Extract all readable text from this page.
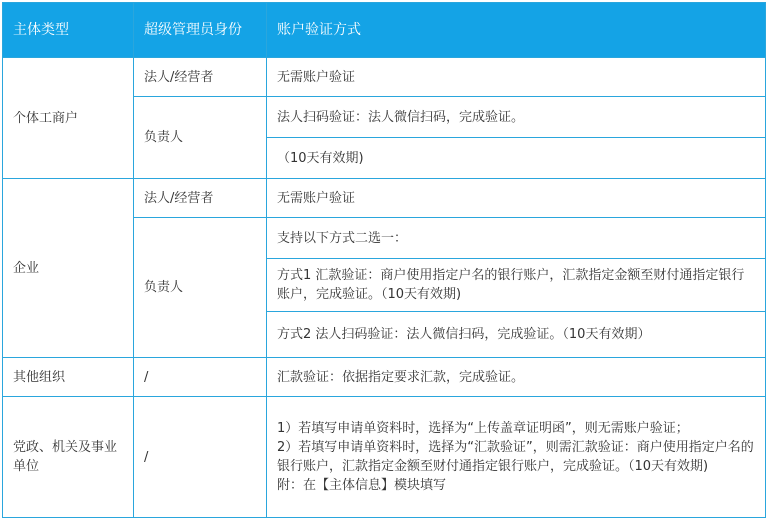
主体类型	超级管理员身份	账户验证方式
个体工商户	法人/经营者	无需账户验证
	负责人	法人扫码验证：法人微信扫码，完成验证。
		（10天有效期)
企业	法人/经营者	无需账户验证
	负责人	支持以下方式二选一：
		方式1 汇款验证：商户使用指定户名的银行账户，汇款指定金额至财付通指定银行账户，完成验证。（10天有效期)
		方式2 法人扫码验证：法人微信扫码，完成验证。（10天有效期）
其他组织	/	汇款验证：依据指定要求汇款，完成验证。
党政、机关及事业单位	/	1）若填写申请单资料时，选择为“上传盖章证明函”，则无需账户验证；
2）若填写申请单资料时，选择为“汇款验证”，则需汇款验证：商户使用指定户名的银行账户，汇款指定金额至财付通指定银行账户，完成验证。（10天有效期)
附：在【主体信息】模块填写
